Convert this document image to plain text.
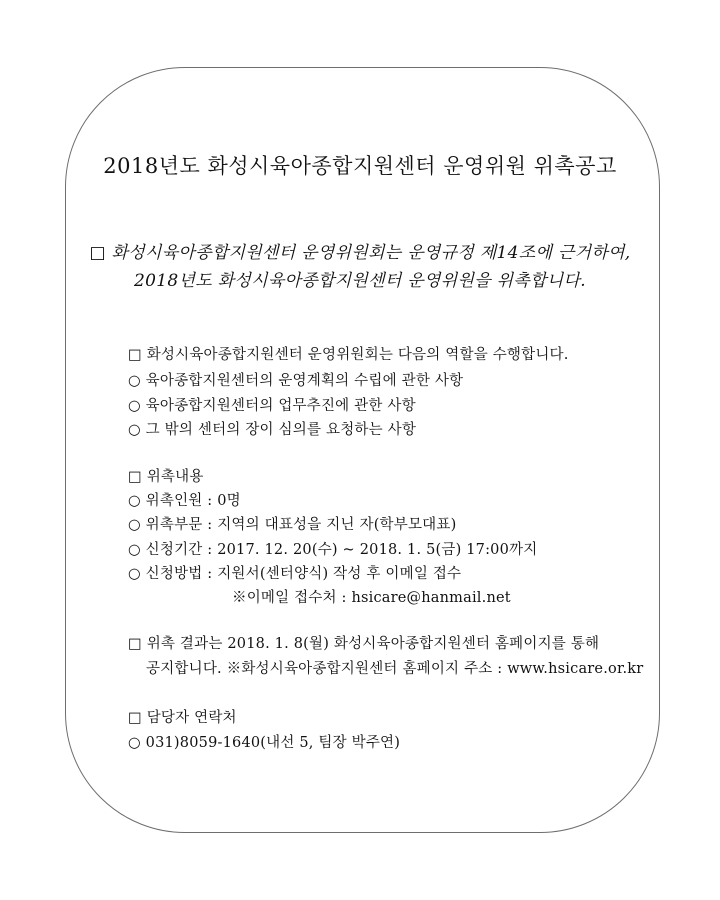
2018년도 화성시육아종합지원센터 운영위원 위촉공고
□ 화성시육아종합지원센터 운영위원회는 운영규정 제14조에 근거하여,
2018년도 화성시육아종합지원센터 운영위원을 위촉합니다.
□ 화성시육아종합지원센터 운영위원회는 다음의 역할을 수행합니다.
○ 육아종합지원센터의 운영계획의 수립에 관한 사항
○ 육아종합지원센터의 업무추진에 관한 사항
○ 그 밖의 센터의 장이 심의를 요청하는 사항
□ 위촉내용
○ 위촉인원 : 0명
○ 위촉부문 : 지역의 대표성을 지닌 자(학부모대표)
○ 신청기간 : 2017. 12. 20(수) ~ 2018. 1. 5(금) 17:00까지
○ 신청방법 : 지원서(센터양식) 작성 후 이메일 접수
※이메일 접수처 : hsicare@hanmail.net
□ 위촉 결과는 2018. 1. 8(월) 화성시육아종합지원센터 홈페이지를 통해
공지합니다. ※화성시육아종합지원센터 홈페이지 주소 : www.hsicare.or.kr
□ 담당자 연락처
○ 031)8059-1640(내선 5, 팀장 박주연)
